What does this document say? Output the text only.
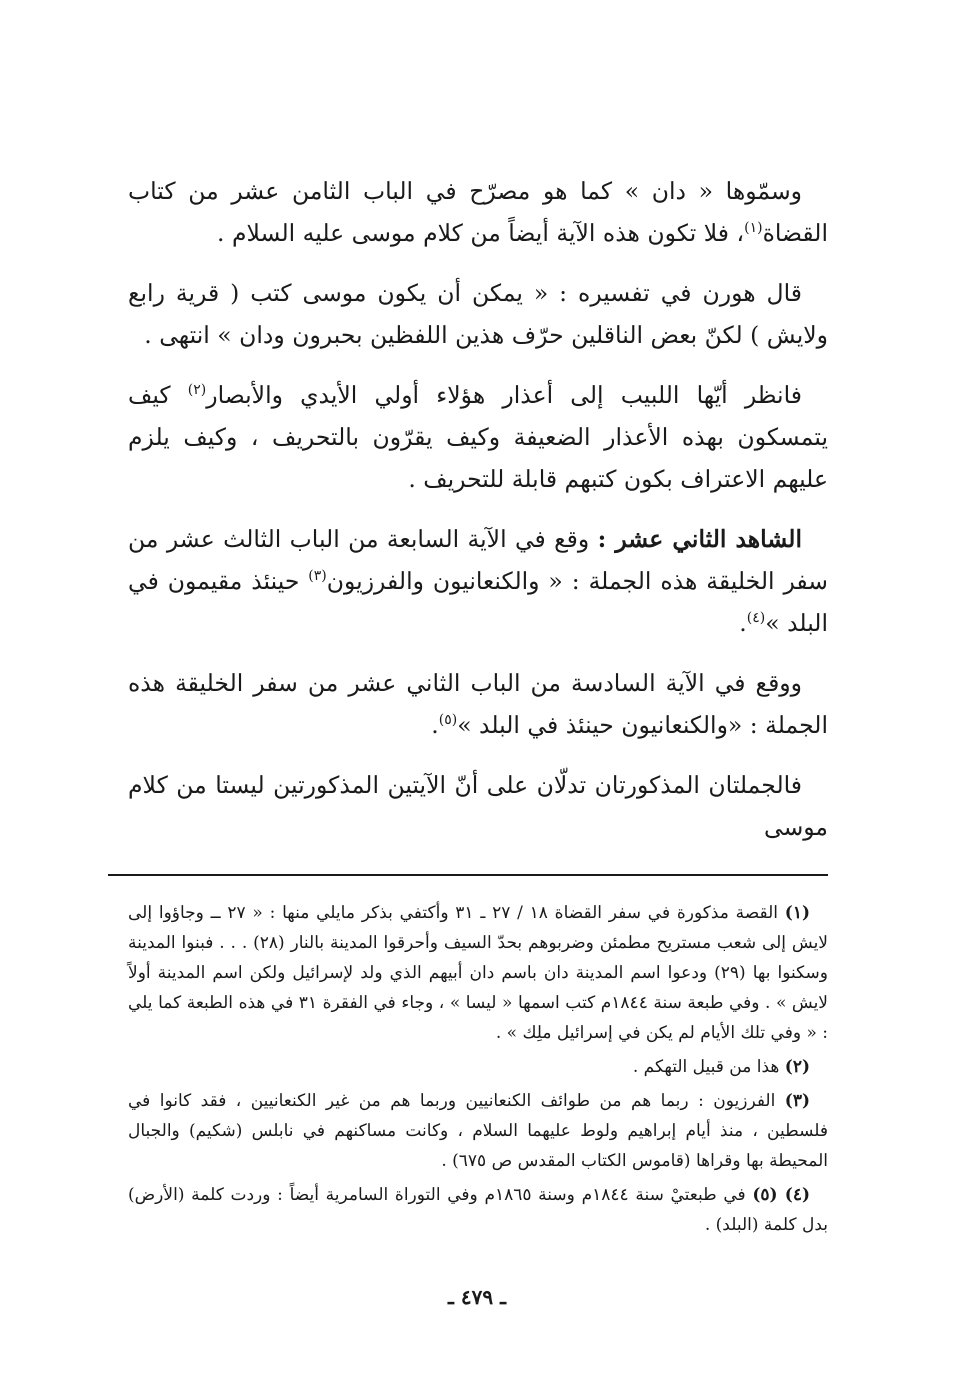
وسمّوها « دان » كما هو مصرّح في الباب الثامن عشر من كتاب القضاة$^{(١)}$، فلا تكون هذه الآية أيضاً من كلام موسى عليه السلام .

قال هورن في تفسيره : « يمكن أن يكون موسى كتب ( قرية رابع ولايش ) لكنّ بعض الناقلين حرّف هذين اللفظين بحبرون ودان » انتهى .

فانظر أيّها اللبيب إلى أعذار هؤلاء أولي الأيدي والأبصار$^{(٢)}$ كيف يتمسكون بهذه الأعذار الضعيفة وكيف يقرّون بالتحريف ، وكيف يلزم عليهم الاعتراف بكون كتبهم قابلة للتحريف .

الشاهد الثاني عشر : وقع في الآية السابعة من الباب الثالث عشر من سفر الخليقة هذه الجملة : « والكنعانيون والفرزيون$^{(٣)}$ حينئذ مقيمون في البلد »$^{(٤)}$.

ووقع في الآية السادسة من الباب الثاني عشر من سفر الخليقة هذه الجملة : «والكنعانيون حينئذ في البلد »$^{(٥)}$.

فالجملتان المذكورتان تدلّان على أنّ الآيتين المذكورتين ليستا من كلام موسى

(١) القصة مذكورة في سفر القضاة ١٨ / ٢٧ ـ ٣١ وأكتفي بذكر مايلي منها : « ٢٧ ــ وجاؤوا إلى لايش إلى شعب مستريح مطمئن وضربوهم بحدّ السيف وأحرقوا المدينة بالنار (٢٨) . . . فبنوا المدينة وسكنوا بها (٢٩) ودعوا اسم المدينة دان باسم دان أبيهم الذي ولد لإسرائيل ولكن اسم المدينة أولاً لايش » . وفي طبعة سنة ١٨٤٤م كتب اسمها « ليسا » ، وجاء في الفقرة ٣١ في هذه الطبعة كما يلي : « وفي تلك الأيام لم يكن في إسرائيل ملِك » .

(٢) هذا من قبيل التهكم .

(٣) الفرزيون : ربما هم من طوائف الكنعانيين وربما هم من غير الكنعانيين ، فقد كانوا في فلسطين ، منذ أيام إبراهيم ولوط عليهما السلام ، وكانت مساكنهم في نابلس (شكيم) والجبال المحيطة بها وقراها (قاموس الكتاب المقدس ص ٦٧٥) .

(٤) (٥) في طبعتيْ سنة ١٨٤٤م وسنة ١٨٦٥م وفي التوراة السامرية أيضاً : وردت كلمة (الأرض) بدل كلمة (البلد) .

ـ ٤٧٩ ـ
